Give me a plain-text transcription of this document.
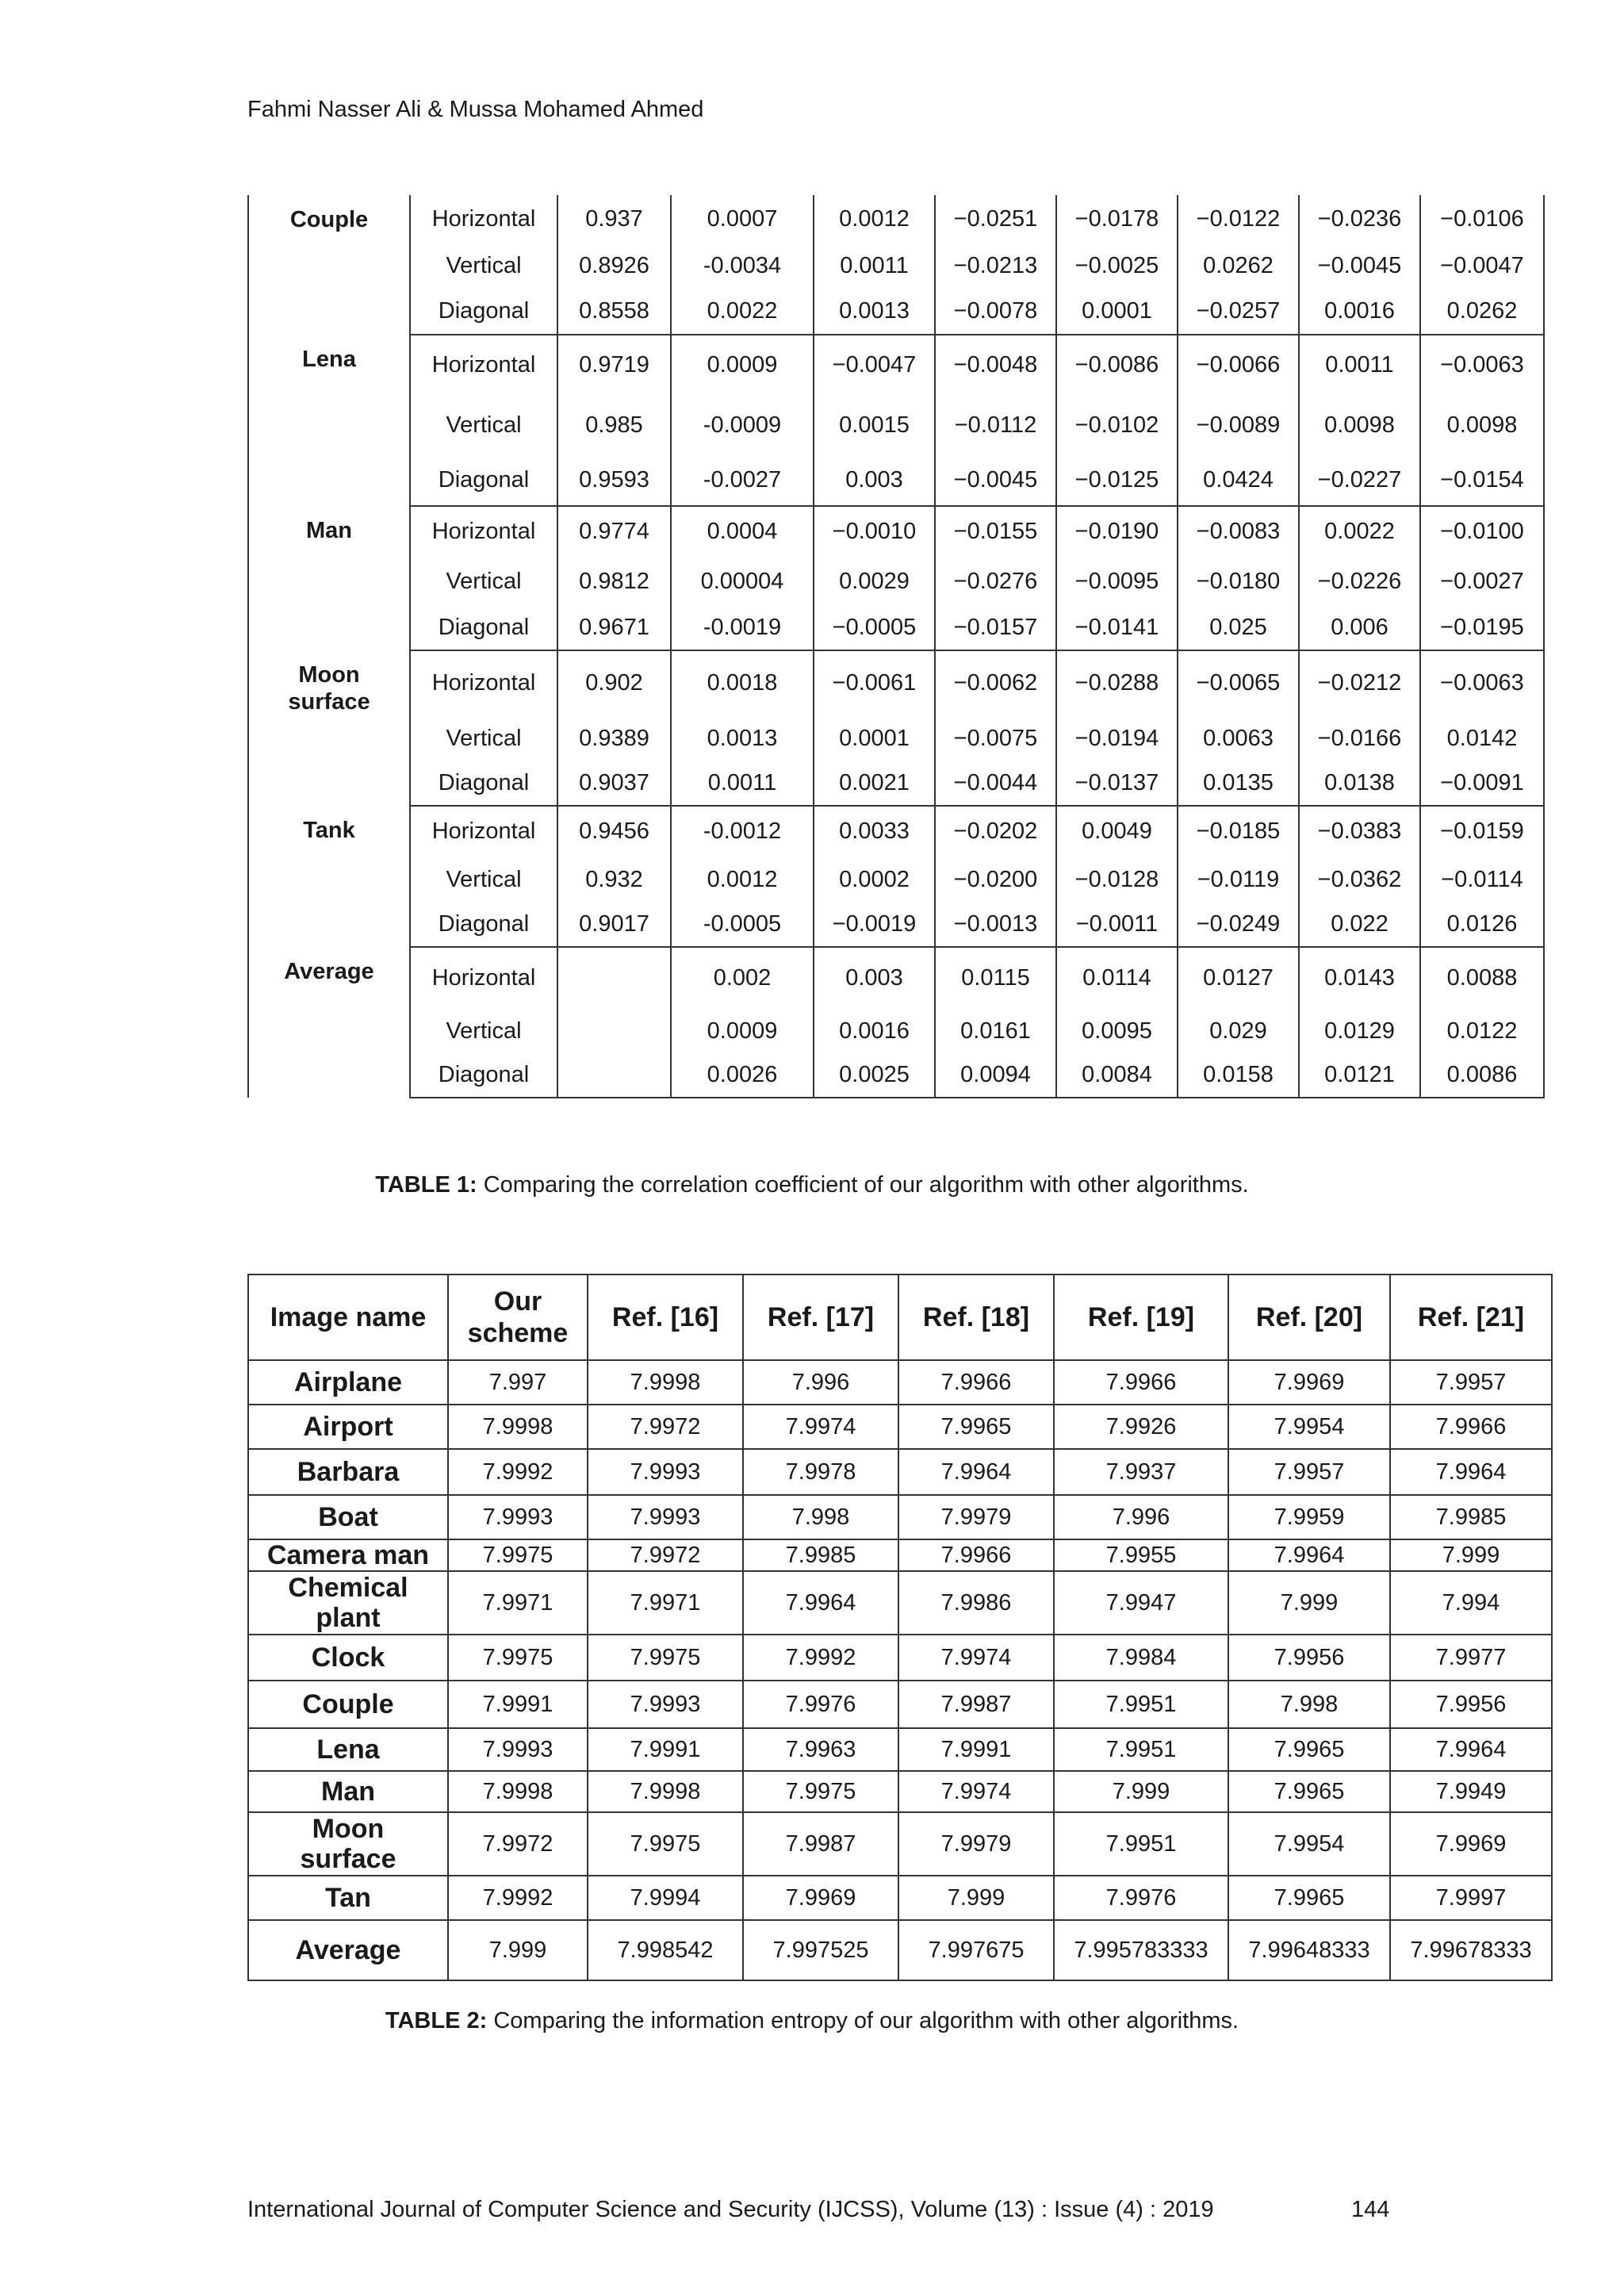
Fahmi Nasser Ali & Mussa Mohamed Ahmed
Couple	Horizontal	0.937	0.0007	0.0012	−0.0251	−0.0178	−0.0122	−0.0236	−0.0106
	Vertical	0.8926	-0.0034	0.0011	−0.0213	−0.0025	0.0262	−0.0045	−0.0047
	Diagonal	0.8558	0.0022	0.0013	−0.0078	0.0001	−0.0257	0.0016	0.0262

Lena	Horizontal	0.9719	0.0009	−0.0047	−0.0048	−0.0086	−0.0066	0.0011	−0.0063
	Vertical	0.985	-0.0009	0.0015	−0.0112	−0.0102	−0.0089	0.0098	0.0098
	Diagonal	0.9593	-0.0027	0.003	−0.0045	−0.0125	0.0424	−0.0227	−0.0154

Man	Horizontal	0.9774	0.0004	−0.0010	−0.0155	−0.0190	−0.0083	0.0022	−0.0100
	Vertical	0.9812	0.00004	0.0029	−0.0276	−0.0095	−0.0180	−0.0226	−0.0027
	Diagonal	0.9671	-0.0019	−0.0005	−0.0157	−0.0141	0.025	0.006	−0.0195

Moon
surface	Horizontal	0.902	0.0018	−0.0061	−0.0062	−0.0288	−0.0065	−0.0212	−0.0063
	Vertical	0.9389	0.0013	0.0001	−0.0075	−0.0194	0.0063	−0.0166	0.0142
	Diagonal	0.9037	0.0011	0.0021	−0.0044	−0.0137	0.0135	0.0138	−0.0091

Tank	Horizontal	0.9456	-0.0012	0.0033	−0.0202	0.0049	−0.0185	−0.0383	−0.0159
	Vertical	0.932	0.0012	0.0002	−0.0200	−0.0128	−0.0119	−0.0362	−0.0114
	Diagonal	0.9017	-0.0005	−0.0019	−0.0013	−0.0011	−0.0249	0.022	0.0126

Average	Horizontal		0.002	0.003	0.0115	0.0114	0.0127	0.0143	0.0088
	Vertical		0.0009	0.0016	0.0161	0.0095	0.029	0.0129	0.0122
	Diagonal		0.0026	0.0025	0.0094	0.0084	0.0158	0.0121	0.0086
TABLE 1: Comparing the correlation coefficient of our algorithm with other algorithms.
Image name	Our
scheme	Ref. [16]	Ref. [17]	Ref. [18]	Ref. [19]	Ref. [20]	Ref. [21]

Airplane	7.997	7.9998	7.996	7.9966	7.9966	7.9969	7.9957

Airport	7.9998	7.9972	7.9974	7.9965	7.9926	7.9954	7.9966

Barbara	7.9992	7.9993	7.9978	7.9964	7.9937	7.9957	7.9964

Boat	7.9993	7.9993	7.998	7.9979	7.996	7.9959	7.9985

Camera man	7.9975	7.9972	7.9985	7.9966	7.9955	7.9964	7.999

Chemical
plant	7.9971	7.9971	7.9964	7.9986	7.9947	7.999	7.994

Clock	7.9975	7.9975	7.9992	7.9974	7.9984	7.9956	7.9977

Couple	7.9991	7.9993	7.9976	7.9987	7.9951	7.998	7.9956

Lena	7.9993	7.9991	7.9963	7.9991	7.9951	7.9965	7.9964

Man	7.9998	7.9998	7.9975	7.9974	7.999	7.9965	7.9949

Moon
surface	7.9972	7.9975	7.9987	7.9979	7.9951	7.9954	7.9969

Tan	7.9992	7.9994	7.9969	7.999	7.9976	7.9965	7.9997

Average	7.999	7.998542	7.997525	7.997675	7.995783333	7.99648333	7.99678333
TABLE 2: Comparing the information entropy of our algorithm with other algorithms.
International Journal of Computer Science and Security (IJCSS), Volume (13) : Issue (4) : 2019	144
